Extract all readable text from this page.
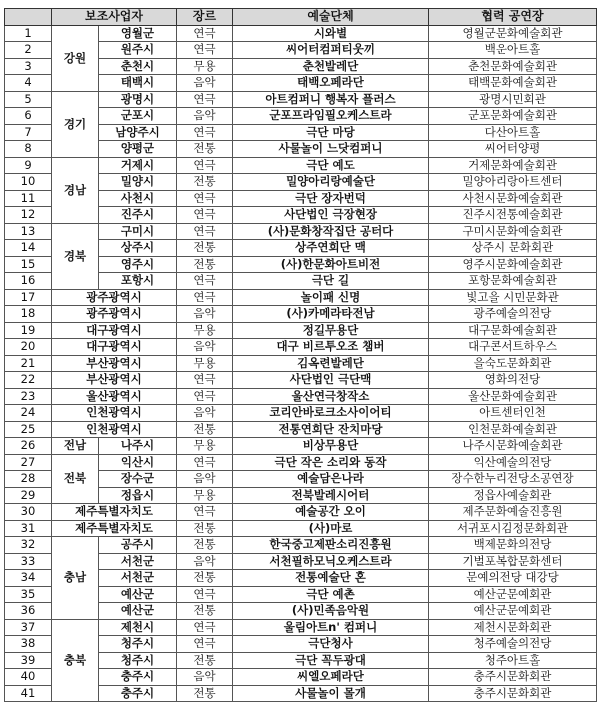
	보조사업자		장르	예술단체	협력 공연장
1	강원	영월군	연극	시와별	영월군문화예술회관
2		원주시	연극	씨어터컴퍼티웃끼	백운아트홀
3		춘천시	무용	춘천발레단	춘천문화예술회관
4		태백시	음악	태백오페라단	태백문화예술회관
5	경기	광명시	연극	아트컴퍼니 행복자 플러스	광명시민회관
6		군포시	음악	군포프라임필오케스트라	군포문화예술회관
7		남양주시	연극	극단 마당	다산아트홀
8		양평군	전통	사물놀이 느닷컴퍼니	씨어터양평
9	경남	거제시	연극	극단 예도	거제문화예술회관
10		밀양시	전통	밀양아리랑예술단	밀양아리랑아트센터
11		사천시	연극	극단 장자번덕	사천시문화예술회관
12		진주시	연극	사단법인 극장현장	진주시전통예술회관
13	경북	구미시	연극	(사)문화창작집단 공터다	구미시문화예술회관
14		상주시	전통	상주연희단 맥	상주시 문화회관
15		영주시	전통	(사)한문화아트비전	영주시문화예술회관
16		포항시	연극	극단 길	포항문화예술회관
17	광주광역시		연극	놀이패 신명	빛고을 시민문화관
18	광주광역시		음악	(사)카메라타전남	광주예술의전당
19	대구광역시		무용	정길무용단	대구문화예술회관
20	대구광역시		음악	대구 비르투오조 챔버	대구콘서트하우스
21	부산광역시		무용	김옥련발레단	을숙도문화회관
22	부산광역시		연극	사단법인 극단맥	영화의전당
23	울산광역시		연극	울산연극창작소	울산문화예술회관
24	인천광역시		음악	코리안바로크소사이어티	아트센터인천
25	인천광역시		전통	전통연희단 잔치마당	인천문화예술회관
26	전남	나주시	무용	비상무용단	나주시문화예술회관
27	전북	익산시	연극	극단 작은 소리와 동작	익산예술의전당
28		장수군	음악	예술담은나라	장수한누리전당소공연장
29		정읍시	무용	전북발레시어터	정읍사예술회관
30	제주특별자치도		연극	예술공간 오이	제주문화예술진흥원
31	제주특별자치도		전통	(사)마로	서귀포시김정문화회관
32	충남	공주시	전통	한국중고제판소리진흥원	백제문화의전당
33		서천군	음악	서천필하모닉오케스트라	기벌포복합문화센터
34		서천군	전통	전통예술단 혼	문예의전당 대강당
35		예산군	연극	극단 예촌	예산군문예회관
36		예산군	전통	(사)민족음악원	예산군문예회관
37	충북	제천시	연극	울림아트n' 컴퍼니	제천시문화회관
38		청주시	연극	극단청사	청주예술의전당
39		청주시	전통	극단 꼭두광대	청주아트홀
40		충주시	음악	씨엘오페라단	충주시문화회관
41		충주시	전통	사물놀이 몰개	충주시문화회관
